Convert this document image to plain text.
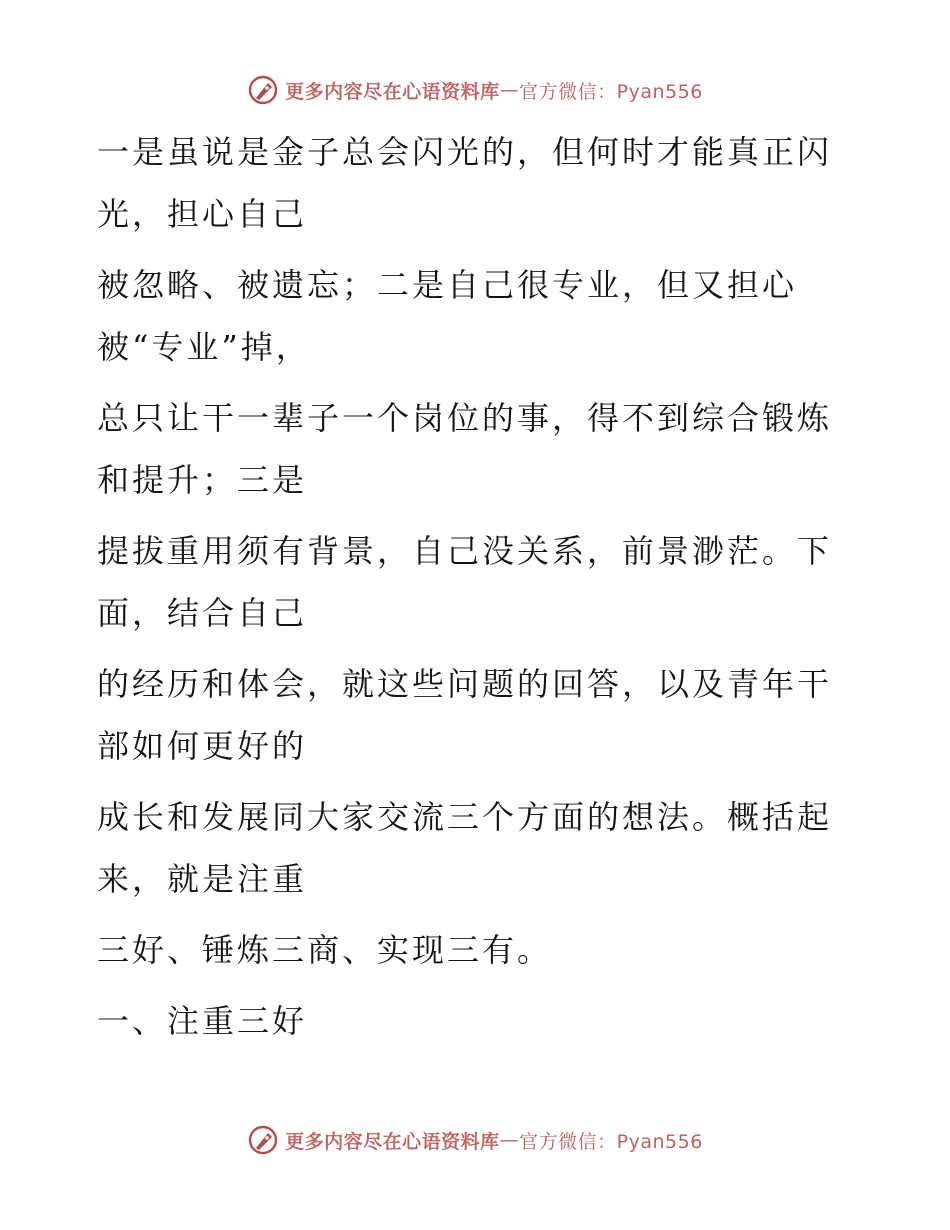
更多内容尽在心语资料库 — 官方微信：Pyan556

一是虽说是金子总会闪光的，但何时才能真正闪
光，担心自己

被忽略、被遗忘；二是自己很专业，但又担心
被“专业”掉，

总只让干一辈子一个岗位的事，得不到综合锻炼
和提升；三是

提拔重用须有背景，自己没关系，前景渺茫。下
面，结合自己

的经历和体会，就这些问题的回答，以及青年干
部如何更好的

成长和发展同大家交流三个方面的想法。概括起
来，就是注重

三好、锤炼三商、实现三有。

一、注重三好

更多内容尽在心语资料库 — 官方微信：Pyan556
